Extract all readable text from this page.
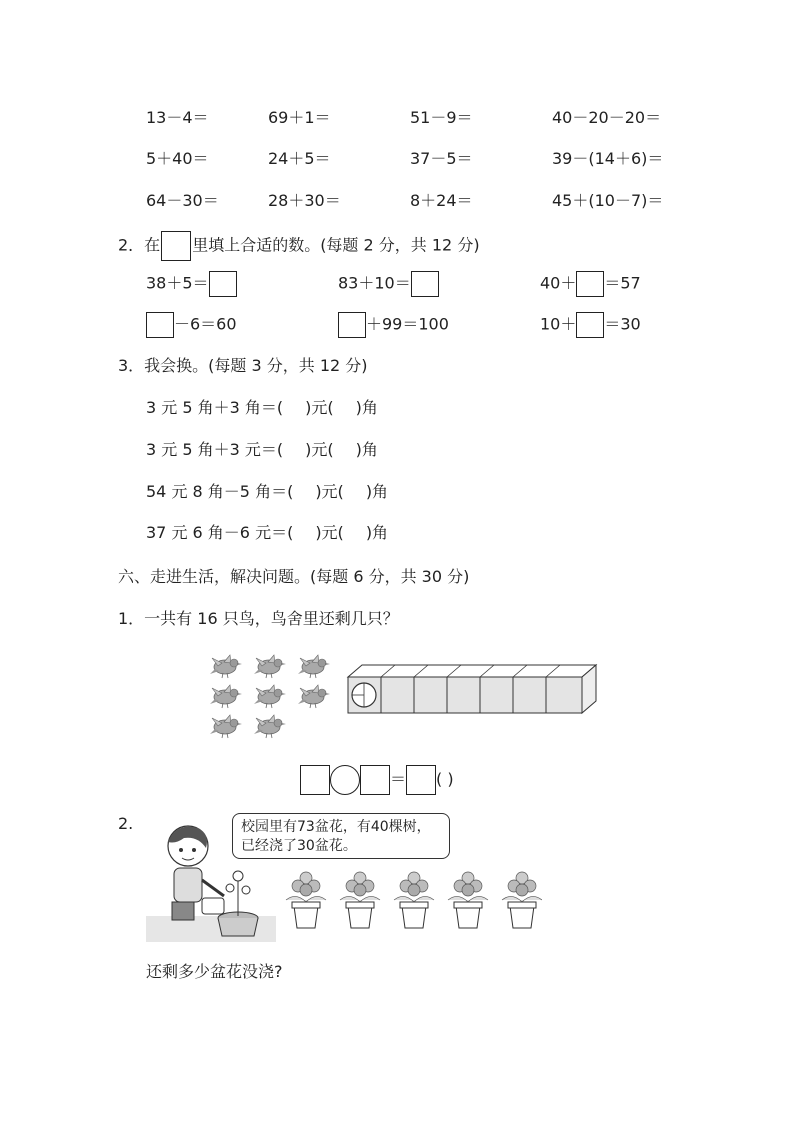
13－4＝	69＋1＝	51－9＝	40－20－20＝
5＋40＝	24＋5＝	37－5＝	39－(14＋6)＝
64－30＝	28＋30＝	8＋24＝	45＋(10－7)＝
2．在 里填上合适的数。(每题 2 分，共 12 分)
38＋5＝	83＋10＝	40＋ ＝57
－6＝60	＋99＝100	10＋ ＝30
3．我会换。(每题 3 分，共 12 分)
3 元 5 角＋3 角＝( )元( )角
3 元 5 角＋3 元＝( )元( )角
54 元 8 角－5 角＝( )元( )角
37 元 6 角－6 元＝( )元( )角
六、走进生活，解决问题。(每题 6 分，共 30 分)
1．一共有 16 只鸟，鸟舍里还剩几只？
＝ ( )
2.	校园里有73盆花，有40棵树，
已经浇了30盆花。
还剩多少盆花没浇?
